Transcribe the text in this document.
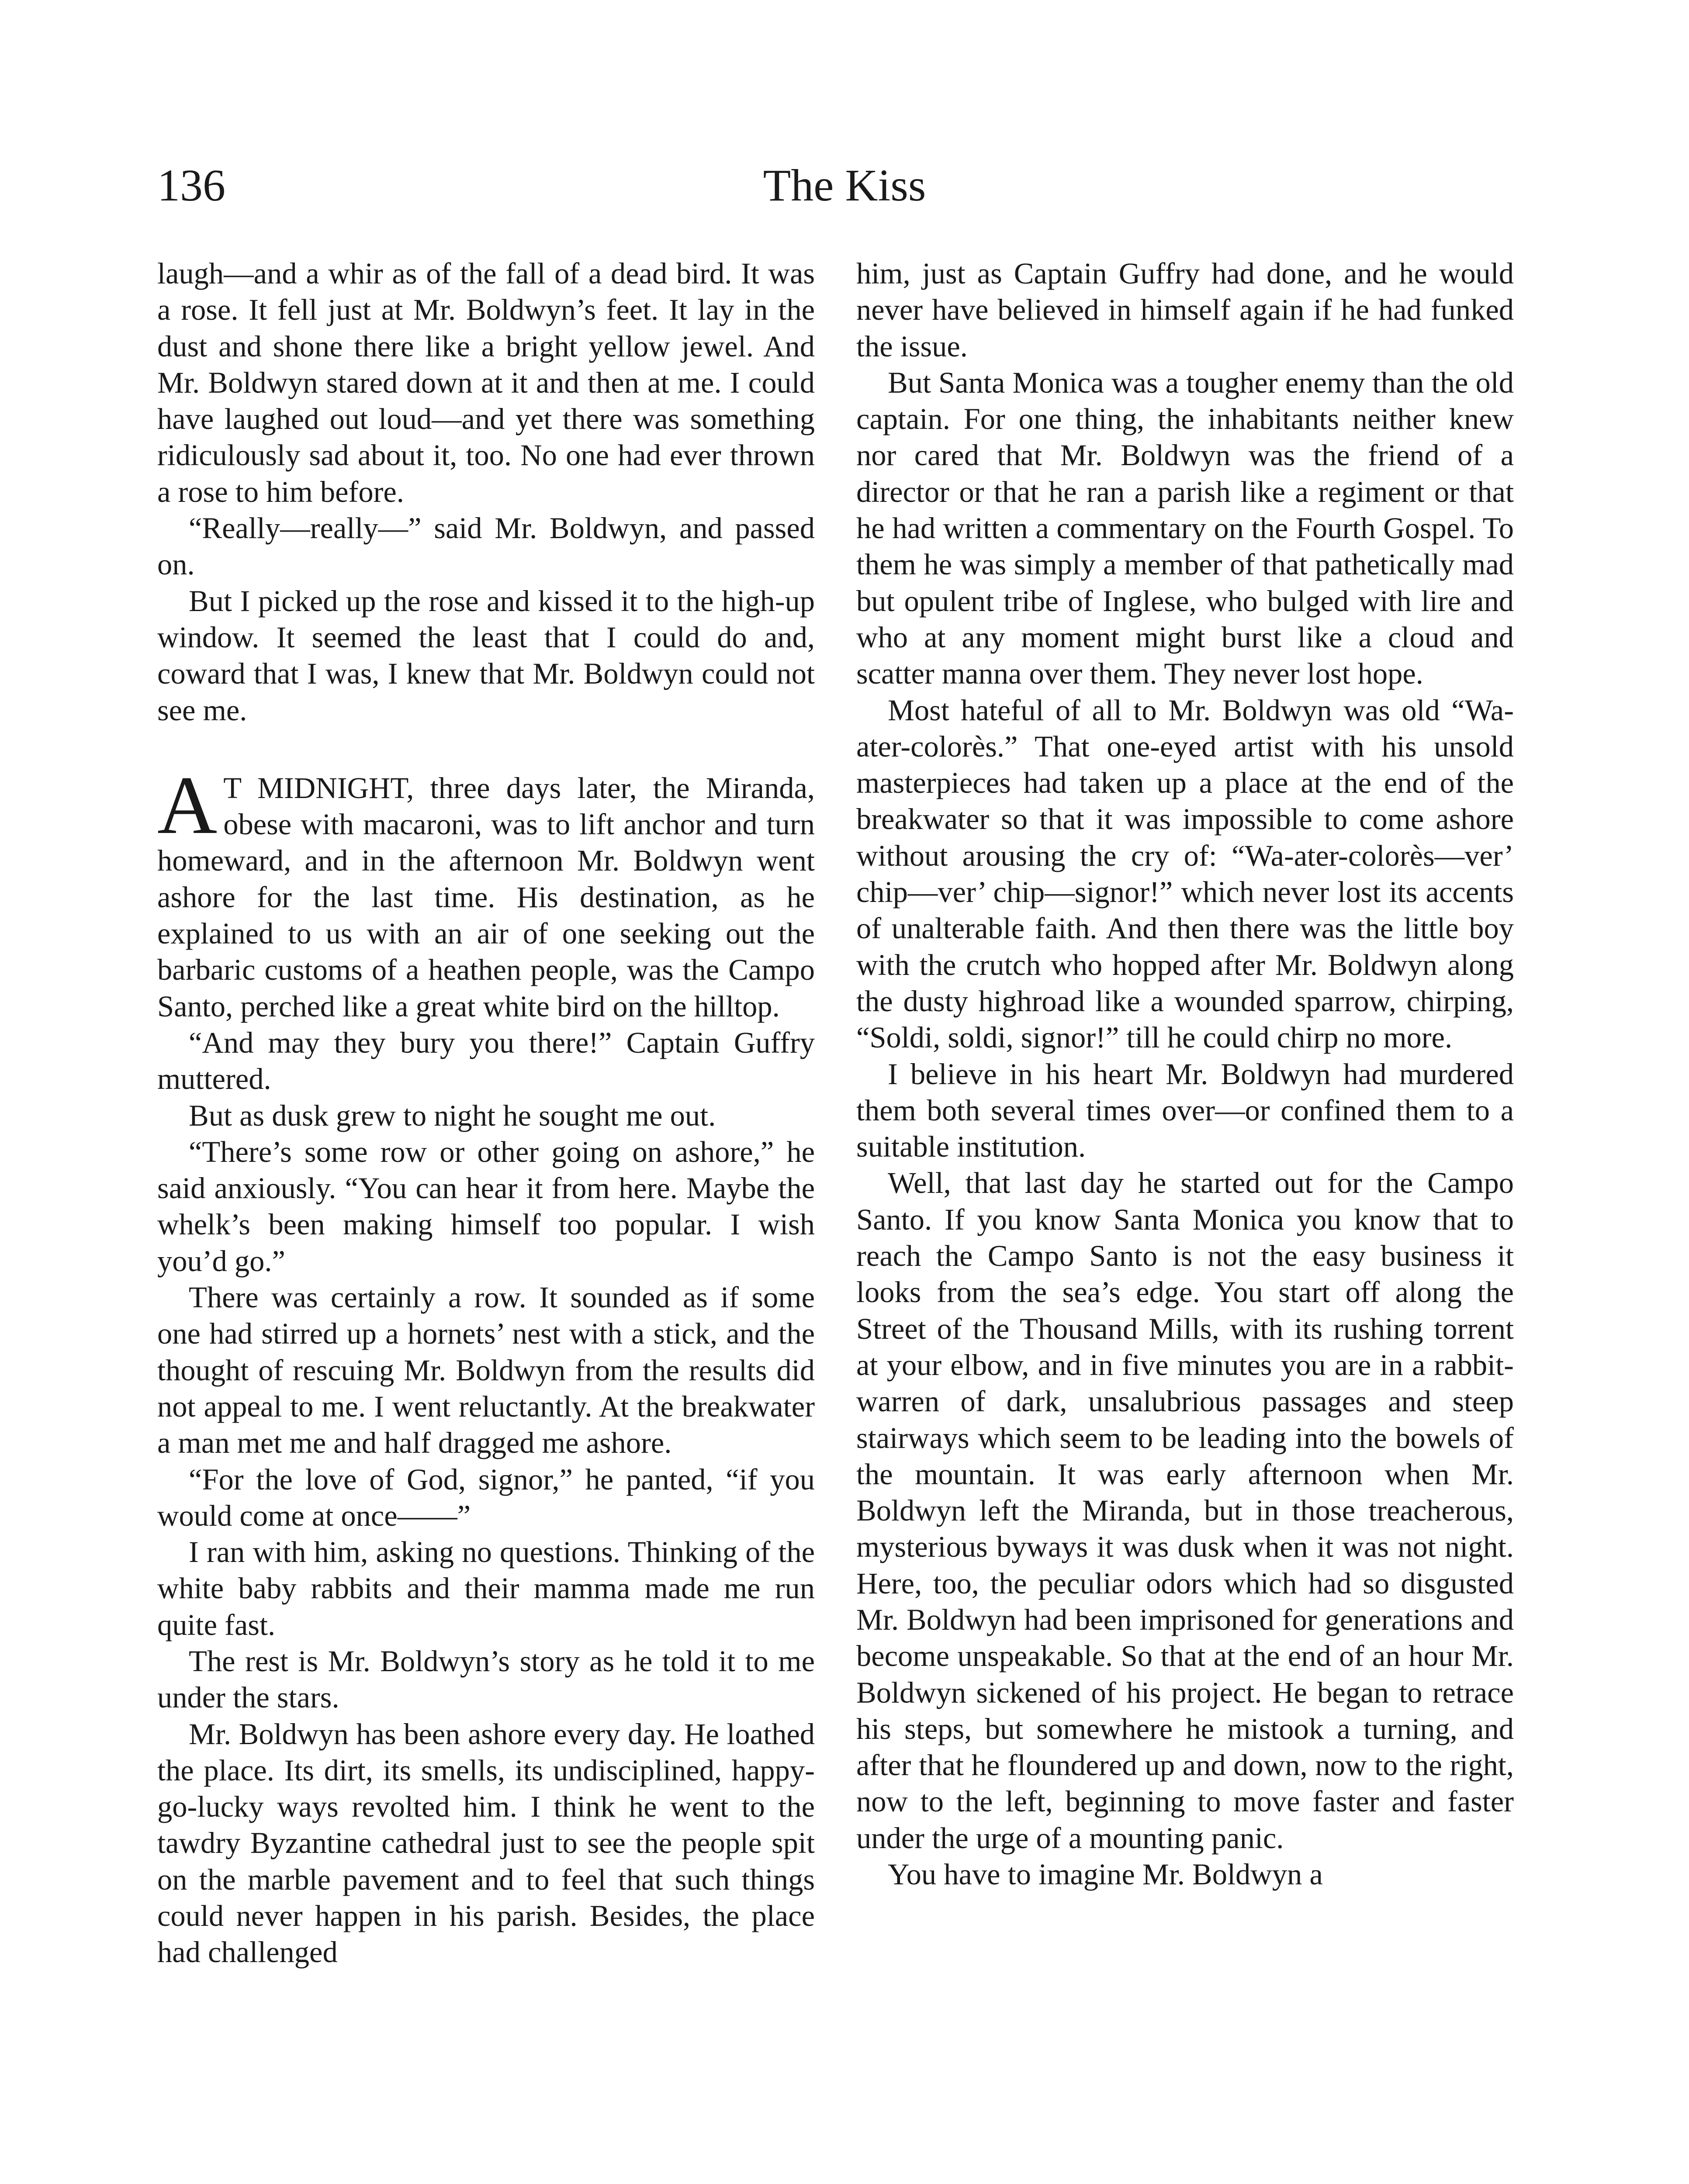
136	The Kiss

laugh—and a whir as of the fall of a dead bird. It was a rose. It fell just at Mr. Boldwyn’s feet. It lay in the dust and shone there like a bright yellow jewel. And Mr. Boldwyn stared down at it and then at me. I could have laughed out loud—and yet there was something ridiculously sad about it, too. No one had ever thrown a rose to him before.

“Really—really—” said Mr. Boldwyn, and passed on.

But I picked up the rose and kissed it to the high-up window. It seemed the least that I could do and, coward that I was, I knew that Mr. Boldwyn could not see me.

A T MIDNIGHT, three days later, the Miranda, obese with macaroni, was to lift anchor and turn homeward, and in the afternoon Mr. Boldwyn went ashore for the last time. His destination, as he explained to us with an air of one seeking out the barbaric customs of a heathen people, was the Campo Santo, perched like a great white bird on the hilltop.

“And may they bury you there!” Captain Guffry muttered.

But as dusk grew to night he sought me out.

“There’s some row or other going on ashore,” he said anxiously. “You can hear it from here. Maybe the whelk’s been making himself too popular. I wish you’d go.”

There was certainly a row. It sounded as if some one had stirred up a hornets’ nest with a stick, and the thought of rescuing Mr. Boldwyn from the results did not appeal to me. I went reluctantly. At the breakwater a man met me and half dragged me ashore.

“For the love of God, signor,” he panted, “if you would come at once——”

I ran with him, asking no questions. Thinking of the white baby rabbits and their mamma made me run quite fast.

The rest is Mr. Boldwyn’s story as he told it to me under the stars.

Mr. Boldwyn has been ashore every day. He loathed the place. Its dirt, its smells, its undisciplined, happy-go-lucky ways revolted him. I think he went to the tawdry Byzantine cathedral just to see the people spit on the marble pavement and to feel that such things could never happen in his parish. Besides, the place had challenged

him, just as Captain Guffry had done, and he would never have believed in himself again if he had funked the issue.

But Santa Monica was a tougher enemy than the old captain. For one thing, the inhabitants neither knew nor cared that Mr. Boldwyn was the friend of a director or that he ran a parish like a regiment or that he had written a commentary on the Fourth Gospel. To them he was simply a member of that pathetically mad but opulent tribe of Inglese, who bulged with lire and who at any moment might burst like a cloud and scatter manna over them. They never lost hope.

Most hateful of all to Mr. Boldwyn was old “Wa-ater-colorès.” That one-eyed artist with his unsold masterpieces had taken up a place at the end of the breakwater so that it was impossible to come ashore without arousing the cry of: “Wa-ater-colorès—ver’ chip—ver’ chip—signor!” which never lost its accents of unalterable faith. And then there was the little boy with the crutch who hopped after Mr. Boldwyn along the dusty highroad like a wounded sparrow, chirping, “Soldi, soldi, signor!” till he could chirp no more.

I believe in his heart Mr. Boldwyn had murdered them both several times over—or confined them to a suitable institution.

Well, that last day he started out for the Campo Santo. If you know Santa Monica you know that to reach the Campo Santo is not the easy business it looks from the sea’s edge. You start off along the Street of the Thousand Mills, with its rushing torrent at your elbow, and in five minutes you are in a rabbit-warren of dark, unsalubrious passages and steep stairways which seem to be leading into the bowels of the mountain. It was early afternoon when Mr. Boldwyn left the Miranda, but in those treacherous, mysterious byways it was dusk when it was not night. Here, too, the peculiar odors which had so disgusted Mr. Boldwyn had been imprisoned for generations and become unspeakable. So that at the end of an hour Mr. Boldwyn sickened of his project. He began to retrace his steps, but somewhere he mistook a turning, and after that he floundered up and down, now to the right, now to the left, beginning to move faster and faster under the urge of a mounting panic.

You have to imagine Mr. Boldwyn a
